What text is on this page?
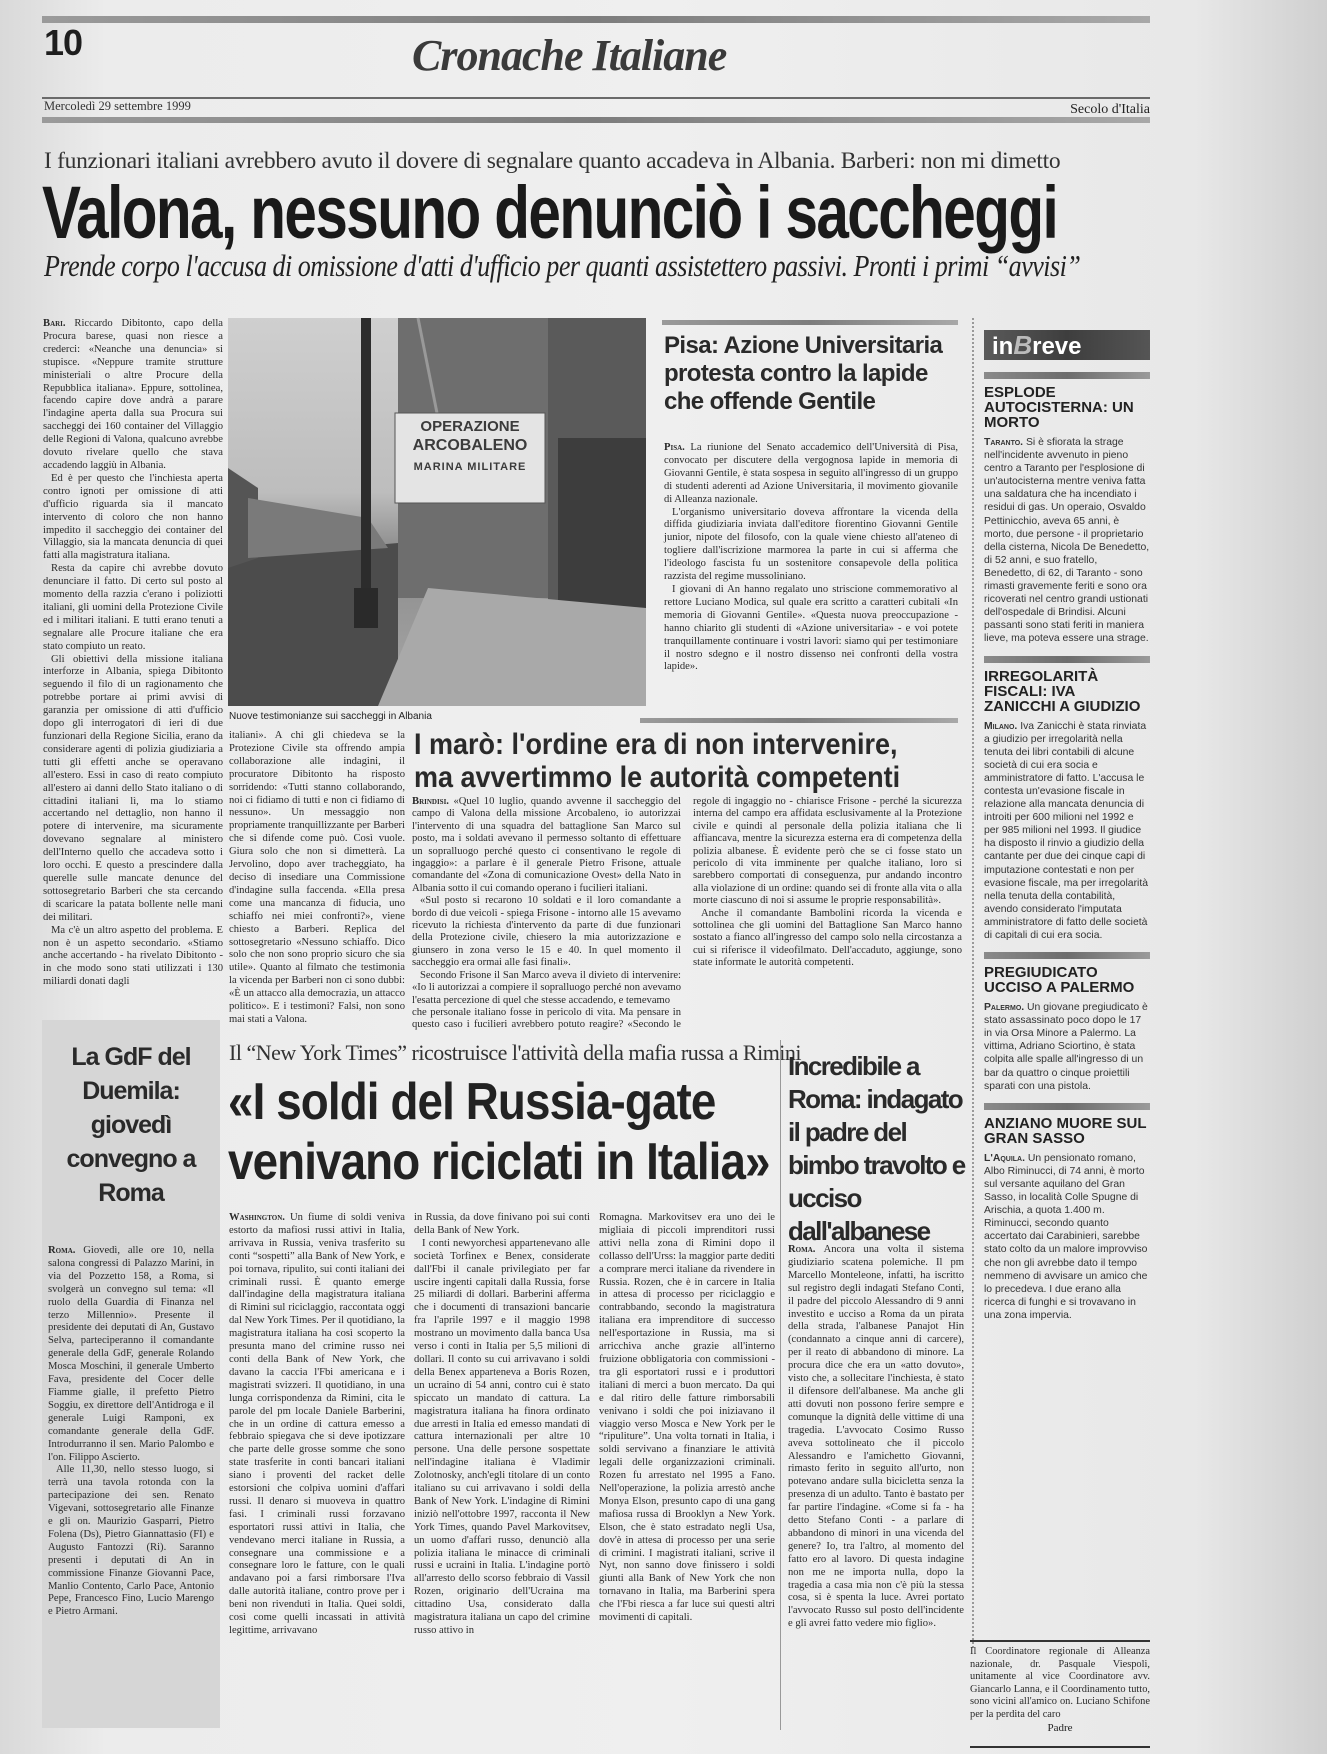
10	Cronache Italiane
Mercoledì 29 settembre 1999	Secolo d'Italia
I funzionari italiani avrebbero avuto il dovere di segnalare quanto accadeva in Albania. Barberi: non mi dimetto
Valona, nessuno denunciò i saccheggi
Prende corpo l'accusa di omissione d'atti d'ufficio per quanti assistettero passivi. Pronti i primi “avvisi”

Bari. Riccardo Dibitonto, capo della Procura barese, quasi non riesce a crederci: «Neanche una denuncia» si stupisce. «Neppure tramite strutture ministeriali o altre Procure della Repubblica italiana». Eppure, sottolinea, facendo capire dove andrà a parare l'indagine aperta dalla sua Procura sui saccheggi dei 160 container del Villaggio delle Regioni di Valona, qualcuno avrebbe dovuto rivelare quello che stava accadendo laggiù in Albania.

Ed è per questo che l'inchiesta aperta contro ignoti per omissione di atti d'ufficio riguarda sia il mancato intervento di coloro che non hanno impedito il saccheggio dei container del Villaggio, sia la mancata denuncia di quei fatti alla magistratura italiana.

Resta da capire chi avrebbe dovuto denunciare il fatto. Di certo sul posto al momento della razzia c'erano i poliziotti italiani, gli uomini della Protezione Civile ed i militari italiani. E tutti erano tenuti a segnalare alle Procure italiane che era stato compiuto un reato.

Gli obiettivi della missione italiana interforze in Albania, spiega Dibitonto seguendo il filo di un ragionamento che potrebbe portare ai primi avvisi di garanzia per omissione di atti d'ufficio dopo gli interrogatori di ieri di due funzionari della Regione Sicilia, erano da considerare agenti di polizia giudiziaria a tutti gli effetti anche se operavano all'estero. Essi in caso di reato compiuto all'estero ai danni dello Stato italiano o di cittadini italiani lì, ma lo stiamo accertando nel dettaglio, non hanno il potere di intervenire, ma sicuramente dovevano segnalare al ministero dell'Interno quello che accadeva sotto i loro occhi. E questo a prescindere dalla querelle sulle mancate denunce del sottosegretario Barberi che sta cercando di scaricare la patata bollente nelle mani dei militari.

Ma c'è un altro aspetto del problema. E non è un aspetto secondario. «Stiamo anche accertando - ha rivelato Dibitonto - in che modo sono stati utilizzati i 130 miliardi donati dagli

OPERAZIONE
ARCOBALENO
MARINA MILITARE
Nuove testimonianze sui saccheggi in Albania

italiani». A chi gli chiedeva se la Protezione Civile sta offrendo ampia collaborazione alle indagini, il procuratore Dibitonto ha risposto sorridendo: «Tutti stanno collaborando, noi ci fidiamo di tutti e non ci fidiamo di nessuno». Un messaggio non propriamente tranquillizzante per Barberi che si difende come può. Così vuole. Giura solo che non si dimetterà. La Jervolino, dopo aver tracheggiato, ha deciso di insediare una Commissione d'indagine sulla faccenda. «Ella presa come una mancanza di fiducia, uno schiaffo nei miei confronti?», viene chiesto a Barberi. Replica del sottosegretario «Nessuno schiaffo. Dico solo che non sono proprio sicuro che sia utile». Quanto al filmato che testimonia la vicenda per Barberi non ci sono dubbi: «È un attacco alla democrazia, un attacco politico». E i testimoni? Falsi, non sono mai stati a Valona.

Pisa: Azione Universitaria protesta contro la lapide che offende Gentile

Pisa. La riunione del Senato accademico dell'Università di Pisa, convocato per discutere della vergognosa lapide in memoria di Giovanni Gentile, è stata sospesa in seguito all'ingresso di un gruppo di studenti aderenti ad Azione Universitaria, il movimento giovanile di Alleanza nazionale.

L'organismo universitario doveva affrontare la vicenda della diffida giudiziaria inviata dall'editore fiorentino Giovanni Gentile junior, nipote del filosofo, con la quale viene chiesto all'ateneo di togliere dall'iscrizione marmorea la parte in cui si afferma che l'ideologo fascista fu un sostenitore consapevole della politica razzista del regime mussoliniano.

I giovani di An hanno regalato uno striscione commemorativo al rettore Luciano Modica, sul quale era scritto a caratteri cubitali «In memoria di Giovanni Gentile». «Questa nuova preoccupazione - hanno chiarito gli studenti di «Azione universitaria» - e voi potete tranquillamente continuare i vostri lavori: siamo qui per testimoniare il nostro sdegno e il nostro dissenso nei confronti della vostra lapide».

I marò: l'ordine era di non intervenire,
ma avvertimmo le autorità competenti

Brindisi. «Quel 10 luglio, quando avvenne il saccheggio del campo di Valona della missione Arcobaleno, io autorizzai l'intervento di una squadra del battaglione San Marco sul posto, ma i soldati avevano il permesso soltanto di effettuare un sopralluogo perché questo ci consentivano le regole di ingaggio»: a parlare è il generale Pietro Frisone, attuale comandante del «Zona di comunicazione Ovest» della Nato in Albania sotto il cui comando operano i fucilieri italiani.

«Sul posto si recarono 10 soldati e il loro comandante a bordo di due veicoli - spiega Frisone - intorno alle 15 avevamo ricevuto la richiesta d'intervento da parte di due funzionari della Protezione civile, chiesero la mia autorizzazione e giunsero in zona verso le 15 e 40. In quel momento il saccheggio era ormai alle fasi finali».

Secondo Frisone il San Marco aveva il divieto di intervenire: «Io li autorizzai a compiere il sopralluogo perché non avevamo l'esatta percezione di quel che stesse accadendo, e temevamo

che personale italiano fosse in pericolo di vita. Ma pensare in questo caso i fucilieri avrebbero potuto reagire? «Secondo le regole di ingaggio no - chiarisce Frisone - perché la sicurezza interna del campo era affidata esclusivamente al la Protezione civile e quindi al personale della polizia italiana che li affiancava, mentre la sicurezza esterna era di competenza della polizia albanese. È evidente però che se ci fosse stato un pericolo di vita imminente per qualche italiano, loro si sarebbero comportati di conseguenza, pur andando incontro alla violazione di un ordine: quando sei di fronte alla vita o alla morte ciascuno di noi si assume le proprie responsabilità».

Anche il comandante Bambolini ricorda la vicenda e sottolinea che gli uomini del Battaglione San Marco hanno sostato a fianco all'ingresso del campo solo nella circostanza a cui si riferisce il videofilmato. Dell'accaduto, aggiunge, sono state informate le autorità competenti.

inBreve
ESPLODE AUTOCISTERNA: UN MORTO
Taranto. Si è sfiorata la strage nell'incidente avvenuto in pieno centro a Taranto per l'esplosione di un'autocisterna mentre veniva fatta una saldatura che ha incendiato i residui di gas. Un operaio, Osvaldo Pettinicchio, aveva 65 anni, è morto, due persone - il proprietario della cisterna, Nicola De Benedetto, di 52 anni, e suo fratello, Benedetto, di 62, di Taranto - sono rimasti gravemente feriti e sono ora ricoverati nel centro grandi ustionati dell'ospedale di Brindisi. Alcuni passanti sono stati feriti in maniera lieve, ma poteva essere una strage.
IRREGOLARITÀ FISCALI: IVA ZANICCHI A GIUDIZIO
Milano. Iva Zanicchi è stata rinviata a giudizio per irregolarità nella tenuta dei libri contabili di alcune società di cui era socia e amministratore di fatto. L'accusa le contesta un'evasione fiscale in relazione alla mancata denuncia di introiti per 600 milioni nel 1992 e per 985 milioni nel 1993. Il giudice ha disposto il rinvio a giudizio della cantante per due dei cinque capi di imputazione contestati e non per evasione fiscale, ma per irregolarità nella tenuta della contabilità, avendo considerato l'imputata amministratore di fatto delle società di capitali di cui era socia.
PREGIUDICATO UCCISO A PALERMO
Palermo. Un giovane pregiudicato è stato assassinato poco dopo le 17 in via Orsa Minore a Palermo. La vittima, Adriano Sciortino, è stata colpita alle spalle all'ingresso di un bar da quattro o cinque proiettili sparati con una pistola.
ANZIANO MUORE SUL GRAN SASSO
L'Aquila. Un pensionato romano, Albo Riminucci, di 74 anni, è morto sul versante aquilano del Gran Sasso, in località Colle Spugne di Arischia, a quota 1.400 m. Riminucci, secondo quanto accertato dai Carabinieri, sarebbe stato colto da un malore improvviso che non gli avrebbe dato il tempo nemmeno di avvisare un amico che lo precedeva. I due erano alla ricerca di funghi e si trovavano in una zona impervia.
Il Coordinatore regionale di Alleanza nazionale, dr. Pasquale Viespoli, unitamente al vice Coordinatore avv. Giancarlo Lanna, e il Coordinamento tutto, sono vicini all'amico on. Luciano Schifone per la perdita del caro
Padre
La GdF del Duemila: giovedì convegno a Roma

Roma. Giovedì, alle ore 10, nella salona congressi di Palazzo Marini, in via del Pozzetto 158, a Roma, si svolgerà un convegno sul tema: «Il ruolo della Guardia di Finanza nel terzo Millennio». Presente il presidente dei deputati di An, Gustavo Selva, parteciperanno il comandante generale della GdF, generale Rolando Mosca Moschini, il generale Umberto Fava, presidente del Cocer delle Fiamme gialle, il prefetto Pietro Soggiu, ex direttore dell'Antidroga e il generale Luigi Ramponi, ex comandante generale della GdF. Introdurranno il sen. Mario Palombo e l'on. Filippo Ascierto.

Alle 11,30, nello stesso luogo, si terrà una tavola rotonda con la partecipazione dei sen. Renato Vigevani, sottosegretario alle Finanze e gli on. Maurizio Gasparri, Pietro Folena (Ds), Pietro Giannattasio (FI) e Augusto Fantozzi (Ri). Saranno presenti i deputati di An in commissione Finanze Giovanni Pace, Manlio Contento, Carlo Pace, Antonio Pepe, Francesco Fino, Lucio Marengo e Pietro Armani.

Il “New York Times” ricostruisce l'attività della mafia russa a Rimini
«I soldi del Russia-gate
venivano riciclati in Italia»

Washington. Un fiume di soldi veniva estorto da mafiosi russi attivi in Italia, arrivava in Russia, veniva trasferito su conti “sospetti” alla Bank of New York, e poi tornava, ripulito, sui conti italiani dei criminali russi. È quanto emerge dall'indagine della magistratura italiana di Rimini sul riciclaggio, raccontata oggi dal New York Times. Per il quotidiano, la magistratura italiana ha così scoperto la presunta mano del crimine russo nei conti della Bank of New York, che davano la caccia l'Fbi americana e i magistrati svizzeri. Il quotidiano, in una lunga corrispondenza da Rimini, cita le parole del pm locale Daniele Barberini, che in un ordine di cattura emesso a febbraio spiegava che si deve ipotizzare che parte delle grosse somme che sono state trasferite in conti bancari italiani siano i proventi del racket delle estorsioni che colpiva uomini d'affari russi. Il denaro si muoveva in quattro fasi. I criminali russi forzavano esportatori russi attivi in Italia, che vendevano merci italiane in Russia, a consegnare una commissione e a consegnare loro le fatture, con le quali andavano poi a farsi rimborsare l'Iva dalle autorità italiane, contro prove per i beni non rivenduti in Italia. Quei soldi, così come quelli incassati in attività legittime, arrivavano

in Russia, da dove finivano poi sui conti della Bank of New York.

I conti newyorchesi appartenevano alle società Torfinex e Benex, considerate dall'Fbi il canale privilegiato per far uscire ingenti capitali dalla Russia, forse 25 miliardi di dollari. Barberini afferma che i documenti di transazioni bancarie fra l'aprile 1997 e il maggio 1998 mostrano un movimento dalla banca Usa verso i conti in Italia per 5,5 milioni di dollari. Il conto su cui arrivavano i soldi della Benex apparteneva a Boris Rozen, un ucraino di 54 anni, contro cui è stato spiccato un mandato di cattura. La magistratura italiana ha finora ordinato due arresti in Italia ed emesso mandati di cattura internazionali per altre 10 persone. Una delle persone sospettate nell'indagine italiana è Vladimir Zolotnosky, anch'egli titolare di un conto italiano su cui arrivavano i soldi della Bank of New York. L'indagine di Rimini iniziò nell'ottobre 1997, racconta il New York Times, quando Pavel Markovitsev, un uomo d'affari russo, denunciò alla polizia italiana le minacce di criminali russi e ucraini in Italia. L'indagine portò all'arresto dello scorso febbraio di Vassil Rozen, originario dell'Ucraina ma cittadino Usa, considerato dalla magistratura italiana un capo del crimine russo attivo in

Romagna. Markovitsev era uno dei le migliaia di piccoli imprenditori russi attivi nella zona di Rimini dopo il collasso dell'Urss: la maggior parte dediti a comprare merci italiane da rivendere in Russia. Rozen, che è in carcere in Italia in attesa di processo per riciclaggio e contrabbando, secondo la magistratura italiana era imprenditore di successo nell'esportazione in Russia, ma si arricchiva anche grazie all'interno fruizione obbligatoria con commissioni - tra gli esportatori russi e i produttori italiani di merci a buon mercato. Da qui e dal ritiro delle fatture rimborsabili venivano i soldi che poi iniziavano il viaggio verso Mosca e New York per le “ripuliture”. Una volta tornati in Italia, i soldi servivano a finanziare le attività legali delle organizzazioni criminali. Rozen fu arrestato nel 1995 a Fano. Nell'operazione, la polizia arrestò anche Monya Elson, presunto capo di una gang mafiosa russa di Brooklyn a New York. Elson, che è stato estradato negli Usa, dov'è in attesa di processo per una serie di crimini. I magistrati italiani, scrive il Nyt, non sanno dove finissero i soldi giunti alla Bank of New York che non tornavano in Italia, ma Barberini spera che l'Fbi riesca a far luce sui questi altri movimenti di capitali.

Incredibile a Roma: indagato il padre del bimbo travolto e ucciso dall'albanese

Roma. Ancora una volta il sistema giudiziario scatena polemiche. Il pm Marcello Monteleone, infatti, ha iscritto sul registro degli indagati Stefano Conti, il padre del piccolo Alessandro di 9 anni investito e ucciso a Roma da un pirata della strada, l'albanese Panajot Hin (condannato a cinque anni di carcere), per il reato di abbandono di minore. La procura dice che era un «atto dovuto», visto che, a sollecitare l'inchiesta, è stato il difensore dell'albanese. Ma anche gli atti dovuti non possono ferire sempre e comunque la dignità delle vittime di una tragedia. L'avvocato Cosimo Russo aveva sottolineato che il piccolo Alessandro e l'amichetto Giovanni, rimasto ferito in seguito all'urto, non potevano andare sulla bicicletta senza la presenza di un adulto. Tanto è bastato per far partire l'indagine. «Come si fa - ha detto Stefano Conti - a parlare di abbandono di minori in una vicenda del genere? Io, tra l'altro, al momento del fatto ero al lavoro. Di questa indagine non me ne importa nulla, dopo la tragedia a casa mia non c'è più la stessa cosa, si è spenta la luce. Avrei portato l'avvocato Russo sul posto dell'incidente e gli avrei fatto vedere mio figlio».
